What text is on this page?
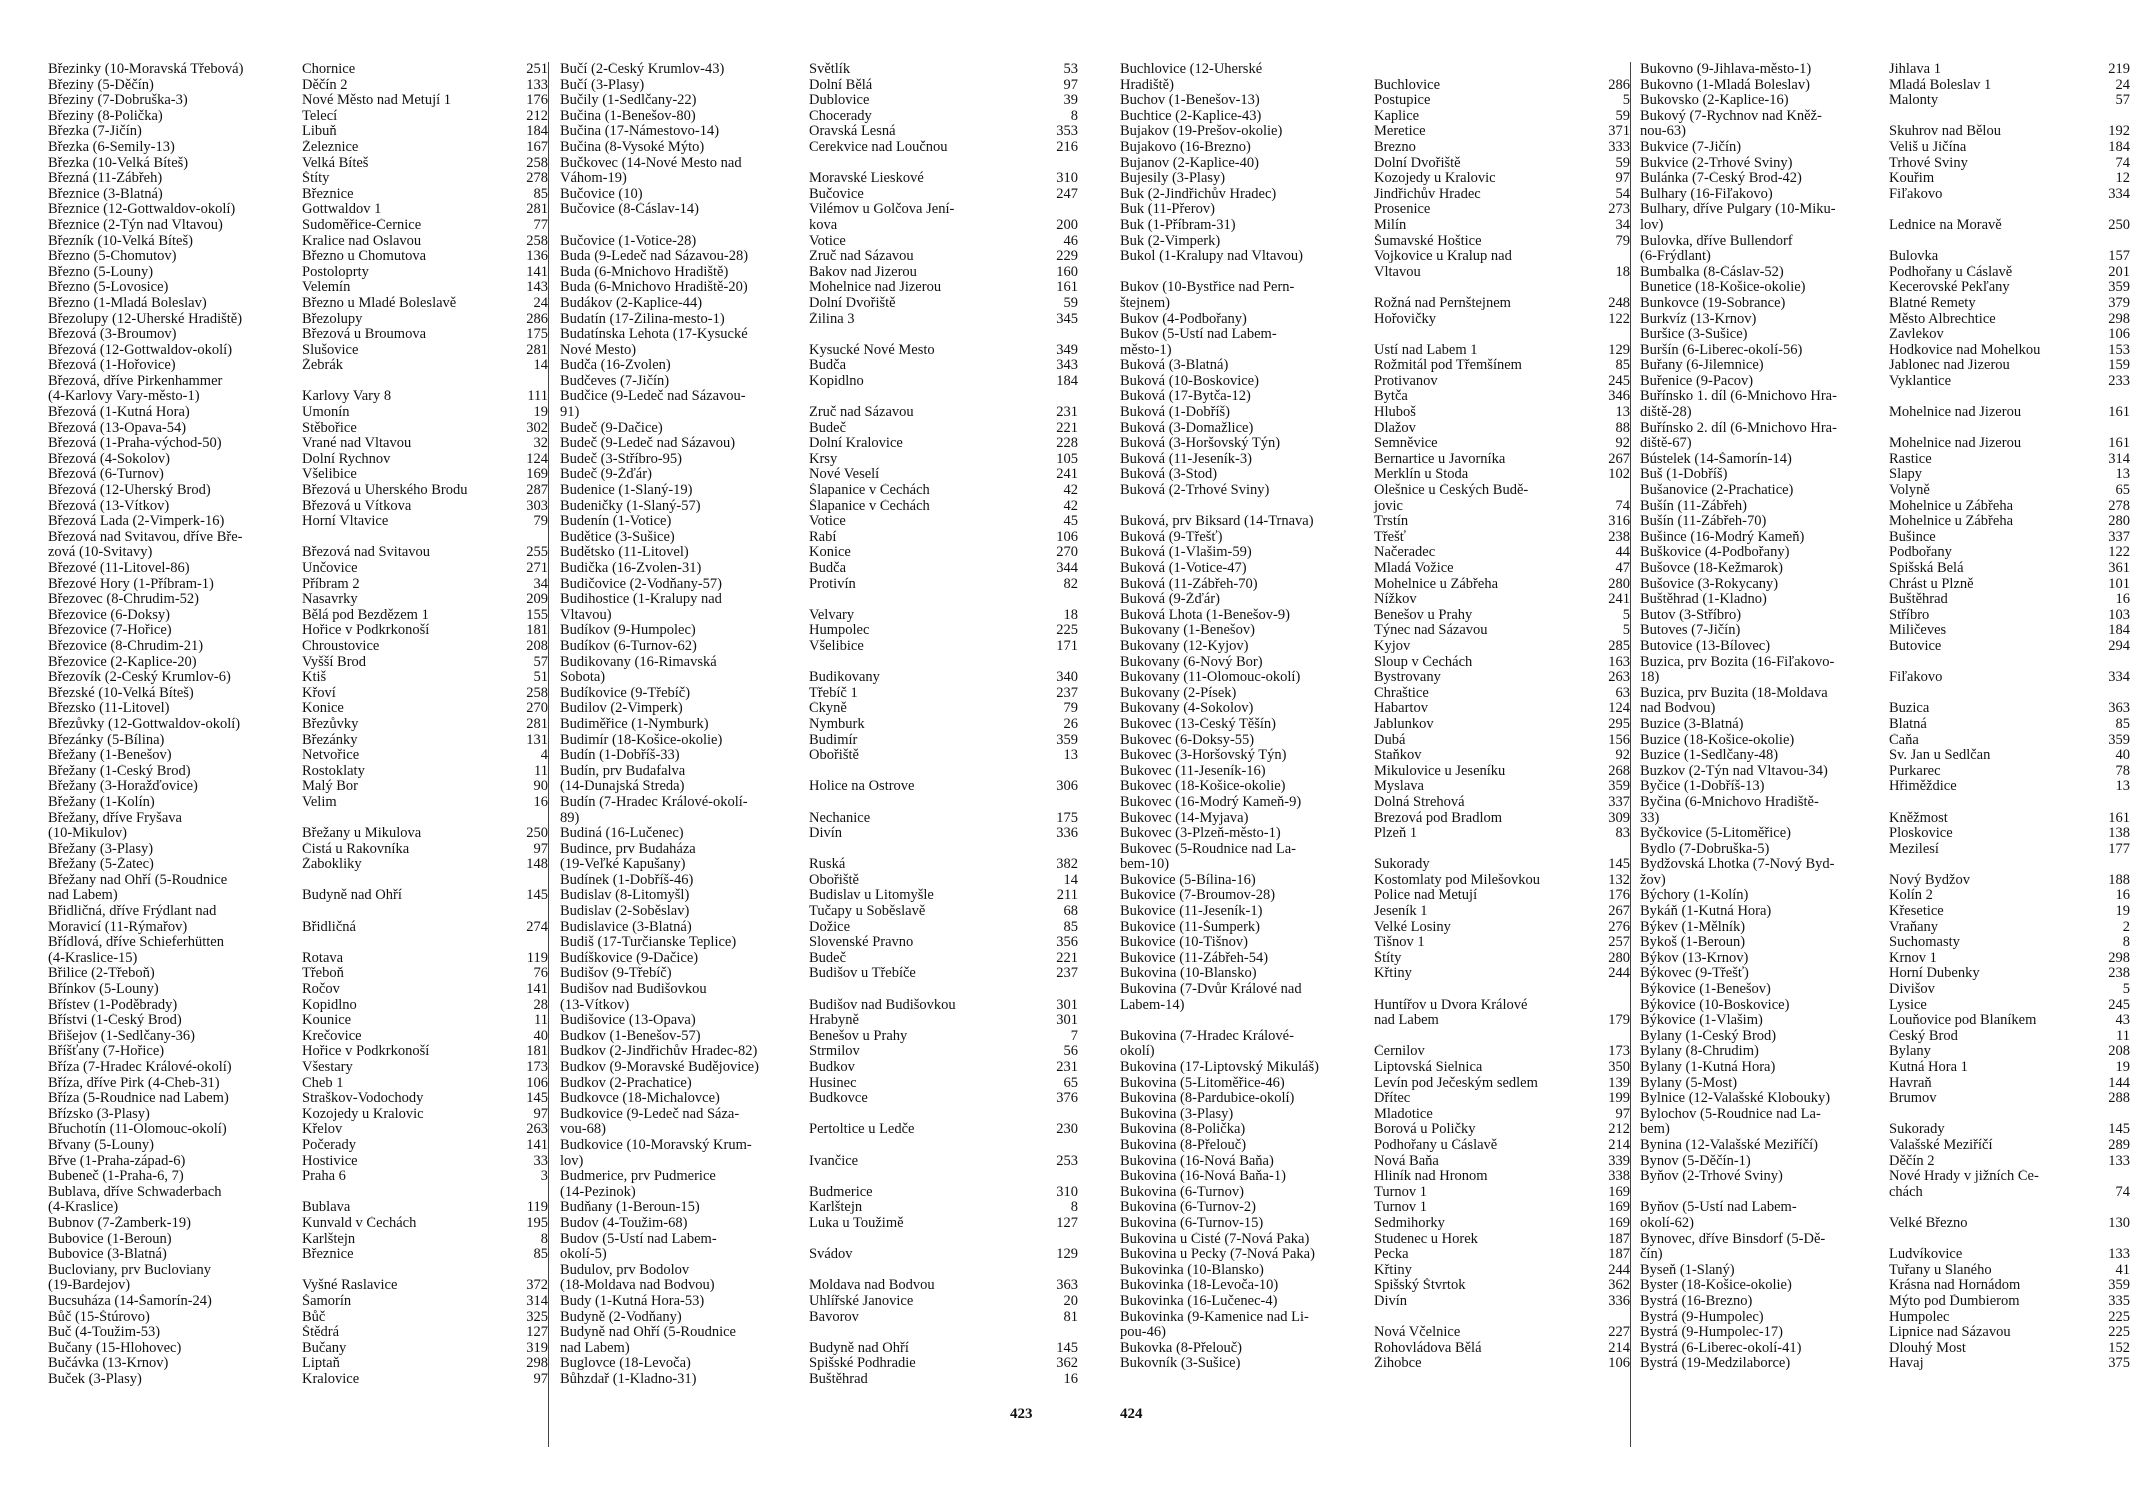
Březinky (10-Moravská Třebová)	Chornice	251
Březiny (5-Děčín)	Děčín 2	133
Březiny (7-Dobruška-3)	Nové Město nad Metují 1	176
Březiny (8-Polička)	Telecí	212
Březka (7-Jičín)	Libuň	184
Březka (6-Semily-13)	Železnice	167
Březka (10-Velká Bíteš)	Velká Bíteš	258
Březná (11-Zábřeh)	Štíty	278
Březnice (3-Blatná)	Březnice	85
Březnice (12-Gottwaldov-okolí)	Gottwaldov 1	281
Březnice (2-Týn nad Vltavou)	Sudoměřice-Černice	77
Březník (10-Velká Bíteš)	Kralice nad Oslavou	258
Březno (5-Chomutov)	Březno u Chomutova	136
Březno (5-Louny)	Postoloprty	141
Březno (5-Lovosice)	Velemín	143
Březno (1-Mladá Boleslav)	Březno u Mladé Boleslavě	24
Březolupy (12-Uherské Hradiště)	Březolupy	286
Březová (3-Broumov)	Březová u Broumova	175
Březová (12-Gottwaldov-okolí)	Slušovice	281
Březová (1-Hořovice)	Žebrák	14
Březová, dříve Pirkenhammer
(4-Karlovy Vary-město-1)	Karlovy Vary 8	111
Březová (1-Kutná Hora)	Úmonín	19
Březová (13-Opava-54)	Stěbořice	302
Březová (1-Praha-východ-50)	Vrané nad Vltavou	32
Březová (4-Sokolov)	Dolní Rychnov	124
Březová (6-Turnov)	Všelibice	169
Březová (12-Uherský Brod)	Březová u Uherského Brodu	287
Březová (13-Vítkov)	Březová u Vítkova	303
Březová Lada (2-Vimperk-16)	Horní Vltavice	79
Březová nad Svitavou, dříve Bře-
zová (10-Svitavy)	Březová nad Svitavou	255
Březové (11-Litovel-86)	Unčovice	271
Březové Hory (1-Příbram-1)	Příbram 2	34
Březovec (8-Chrudim-52)	Nasavrky	209
Březovice (6-Doksy)	Bělá pod Bezdězem 1	155
Březovice (7-Hořice)	Hořice v Podkrkonoší	181
Březovice (8-Chrudim-21)	Chroustovice	208
Březovice (2-Kaplice-20)	Vyšší Brod	57
Březovík (2-Český Krumlov-6)	Ktiš	51
Březské (10-Velká Bíteš)	Křoví	258
Březsko (11-Litovel)	Konice	270
Březůvky (12-Gottwaldov-okolí)	Březůvky	281
Březánky (5-Bílina)	Březánky	131
Břežany (1-Benešov)	Netvořice	4
Břežany (1-Český Brod)	Rostoklaty	11
Břežany (3-Horažďovice)	Malý Bor	90
Břežany (1-Kolín)	Velim	16
Břežany, dříve Fryšava
(10-Mikulov)	Břežany u Mikulova	250
Břežany (3-Plasy)	Čistá u Rakovníka	97
Břežany (5-Žatec)	Žabokliky	148
Břežany nad Ohří (5-Roudnice
nad Labem)	Budyně nad Ohří	145
Břidličná, dříve Frýdlant nad
Moravicí (11-Rýmařov)	Břidličná	274
Břídlová, dříve Schieferhütten
(4-Kraslice-15)	Rotava	119
Břilice (2-Třeboň)	Třeboň	76
Břínkov (5-Louny)	Ročov	141
Břístev (1-Poděbrady)	Kopidlno	28
Břístvi (1-Český Brod)	Kounice	11
Břišejov (1-Sedlčany-36)	Krečovice	40
Bříšťany (7-Hořice)	Hořice v Podkrkonoší	181
Bříza (7-Hradec Králové-okolí)	Všestary	173
Bříza, dříve Pirk (4-Cheb-31)	Cheb 1	106
Bříza (5-Roudnice nad Labem)	Straškov-Vodochody	145
Břízsko (3-Plasy)	Kozojedy u Kralovic	97
Břuchotín (11-Olomouc-okolí)	Křelov	263
Břvany (5-Louny)	Počerady	141
Břve (1-Praha-západ-6)	Hostivice	33
Bubeneč (1-Praha-6, 7)	Praha 6	3
Bublava, dříve Schwaderbach
(4-Kraslice)	Bublava	119
Bubnov (7-Žamberk-19)	Kunvald v Čechách	195
Bubovice (1-Beroun)	Karlštejn	8
Bubovice (3-Blatná)	Březnice	85
Bucloviany, prv Bucloviany
(19-Bardejov)	Vyšné Raslavice	372
Bucsuháza (14-Šamorín-24)	Šamorín	314
Bůč (15-Štúrovo)	Bůč	325
Buč (4-Toužim-53)	Štědrá	127
Bučany (15-Hlohovec)	Bučany	319
Bučávka (13-Krnov)	Liptaň	298
Buček (3-Plasy)	Kralovice	97
Bučí (2-Český Krumlov-43)	Světlík	53
Bučí (3-Plasy)	Dolní Bělá	97
Bučily (1-Sedlčany-22)	Dublovice	39
Bučina (1-Benešov-80)	Chocerady	8
Bučina (17-Námestovo-14)	Oravská Lesná	353
Bučina (8-Vysoké Mýto)	Cerekvice nad Loučnou	216
Bučkovec (14-Nové Mesto nad
Váhom-19)	Moravské Lieskové	310
Bučovice (10)	Bučovice	247
Bučovice (8-Čáslav-14)	Vilémov u Golčova Jení-
kova	200
Bučovice (1-Votice-28)	Votice	46
Buda (9-Ledeč nad Sázavou-28)	Zruč nad Sázavou	229
Buda (6-Mnichovo Hradiště)	Bakov nad Jizerou	160
Buda (6-Mnichovo Hradiště-20)	Mohelnice nad Jizerou	161
Budákov (2-Kaplice-44)	Dolní Dvořiště	59
Budatín (17-Žilina-mesto-1)	Žilina 3	345
Budatínska Lehota (17-Kysucké
Nové Mesto)	Kysucké Nové Mesto	349
Budča (16-Zvolen)	Budča	343
Budčeves (7-Jičín)	Kopidlno	184
Budčice (9-Ledeč nad Sázavou-
91)	Zruč nad Sázavou	231
Budeč (9-Dačice)	Budeč	221
Budeč (9-Ledeč nad Sázavou)	Dolní Kralovice	228
Budeč (3-Stříbro-95)	Krsy	105
Budeč (9-Žďár)	Nové Veselí	241
Budenice (1-Slaný-19)	Šlapanice v Čechách	42
Budeničky (1-Slaný-57)	Šlapanice v Čechách	42
Budenín (1-Votice)	Votice	45
Budětice (3-Sušice)	Rabí	106
Budětsko (11-Litovel)	Konice	270
Budička (16-Zvolen-31)	Budča	344
Budičovice (2-Vodňany-57)	Protivín	82
Budihostice (1-Kralupy nad
Vltavou)	Velvary	18
Budíkov (9-Humpolec)	Humpolec	225
Budíkov (6-Turnov-62)	Všelibice	171
Budikovany (16-Rimavská
Sobota)	Budikovany	340
Budíkovice (9-Třebíč)	Třebíč 1	237
Budilov (2-Vimperk)	Čkyně	79
Budiměřice (1-Nymburk)	Nymburk	26
Budimír (18-Košice-okolie)	Budimír	359
Budín (1-Dobříš-33)	Obořiště	13
Budín, prv Budafalva
(14-Dunajská Streda)	Holice na Ostrove	306
Budín (7-Hradec Králové-okolí-
89)	Nechanice	175
Budiná (16-Lučenec)	Divín	336
Budince, prv Budaháza
(19-Veľké Kapušany)	Ruská	382
Budínek (1-Dobříš-46)	Obořiště	14
Budislav (8-Litomyšl)	Budislav u Litomyšle	211
Budislav (2-Soběslav)	Tučapy u Soběslavě	68
Budislavice (3-Blatná)	Dožice	85
Budiš (17-Turčianske Teplice)	Slovenské Pravno	356
Budíškovice (9-Dačice)	Budeč	221
Budišov (9-Třebíč)	Budišov u Třebíče	237
Budišov nad Budišovkou
(13-Vítkov)	Budišov nad Budišovkou	301
Budišovice (13-Opava)	Hrabyně	301
Budkov (1-Benešov-57)	Benešov u Prahy	7
Budkov (2-Jindřichův Hradec-82)	Strmilov	56
Budkov (9-Moravské Budějovice)	Budkov	231
Budkov (2-Prachatice)	Husinec	65
Budkovce (18-Michalovce)	Budkovce	376
Budkovice (9-Ledeč nad Sáza-
vou-68)	Pertoltice u Ledče	230
Budkovice (10-Moravský Krum-
lov)	Ivančice	253
Budmerice, prv Pudmerice
(14-Pezinok)	Budmerice	310
Budňany (1-Beroun-15)	Karlštejn	8
Budov (4-Toužim-68)	Luka u Toužimě	127
Budov (5-Ústí nad Labem-
okolí-5)	Svádov	129
Budulov, prv Bodolov
(18-Moldava nad Bodvou)	Moldava nad Bodvou	363
Budy (1-Kutná Hora-53)	Uhlířské Janovice	20
Budyně (2-Vodňany)	Bavorov	81
Budyně nad Ohří (5-Roudnice
nad Labem)	Budyně nad Ohří	145
Buglovce (18-Levoča)	Spišské Podhradie	362
Bůhzdař (1-Kladno-31)	Buštěhrad	16
Buchlovice (12-Uherské
Hradiště)	Buchlovice	286
Buchov (1-Benešov-13)	Postupice	5
Buchtice (2-Kaplice-43)	Kaplice	59
Bujakov (19-Prešov-okolie)	Meretice	371
Bujakovo (16-Brezno)	Brezno	333
Bujanov (2-Kaplice-40)	Dolní Dvořiště	59
Bujesily (3-Plasy)	Kozojedy u Kralovic	97
Buk (2-Jindřichův Hradec)	Jindřichův Hradec	54
Buk (11-Přerov)	Prosenice	273
Buk (1-Příbram-31)	Milín	34
Buk (2-Vimperk)	Šumavské Hoštice	79
Bukol (1-Kralupy nad Vltavou)	Vojkovice u Kralup nad
Vltavou	18
Bukov (10-Bystřice nad Pern-
štejnem)	Rožná nad Pernštejnem	248
Bukov (4-Podbořany)	Hořovičky	122
Bukov (5-Ústí nad Labem-
město-1)	Ústí nad Labem 1	129
Buková (3-Blatná)	Rožmitál pod Třemšínem	85
Buková (10-Boskovice)	Protivanov	245
Buková (17-Bytča-12)	Bytča	346
Buková (1-Dobříš)	Hluboš	13
Buková (3-Domažlice)	Dlažov	88
Buková (3-Horšovský Týn)	Semněvice	92
Buková (11-Jeseník-3)	Bernartice u Javorníka	267
Buková (3-Stod)	Merklín u Stoda	102
Buková (2-Trhové Sviny)	Olešnice u Českých Budě-
jovic	74
Buková, prv Biksard (14-Trnava)	Trstín	316
Buková (9-Třešť)	Třešť	238
Buková (1-Vlašim-59)	Načeradec	44
Buková (1-Votice-47)	Mladá Vožice	47
Buková (11-Zábřeh-70)	Mohelnice u Zábřeha	280
Buková (9-Žďár)	Nížkov	241
Buková Lhota (1-Benešov-9)	Benešov u Prahy	5
Bukovany (1-Benešov)	Týnec nad Sázavou	5
Bukovany (12-Kyjov)	Kyjov	285
Bukovany (6-Nový Bor)	Sloup v Čechách	163
Bukovany (11-Olomouc-okolí)	Bystrovany	263
Bukovany (2-Písek)	Chraštice	63
Bukovany (4-Sokolov)	Habartov	124
Bukovec (13-Český Těšín)	Jablunkov	295
Bukovec (6-Doksy-55)	Dubá	156
Bukovec (3-Horšovský Týn)	Staňkov	92
Bukovec (11-Jeseník-16)	Mikulovice u Jeseníku	268
Bukovec (18-Košice-okolie)	Myslava	359
Bukovec (16-Modrý Kameň-9)	Dolná Strehová	337
Bukovec (14-Myjava)	Brezová pod Bradlom	309
Bukovec (3-Plzeň-město-1)	Plzeň 1	83
Bukovec (5-Roudnice nad La-
bem-10)	Sukorady	145
Bukovice (5-Bílina-16)	Kostomlaty pod Milešovkou	132
Bukovice (7-Broumov-28)	Police nad Metují	176
Bukovice (11-Jeseník-1)	Jeseník 1	267
Bukovice (11-Šumperk)	Velké Losiny	276
Bukovice (10-Tišnov)	Tišnov 1	257
Bukovice (11-Zábřeh-54)	Štíty	280
Bukovina (10-Blansko)	Křtiny	244
Bukovina (7-Dvůr Králové nad
Labem-14)	Huntířov u Dvora Králové
nad Labem	179
Bukovina (7-Hradec Králové-
okolí)	Černilov	173
Bukovina (17-Liptovský Mikuláš)	Liptovská Sielnica	350
Bukovina (5-Litoměřice-46)	Levín pod Ječeským sedlem	139
Bukovina (8-Pardubice-okolí)	Dřítec	199
Bukovina (3-Plasy)	Mladotice	97
Bukovina (8-Polička)	Borová u Poličky	212
Bukovina (8-Přelouč)	Podhořany u Čáslavě	214
Bukovina (16-Nová Baňa)	Nová Baňa	339
Bukovina (16-Nová Baňa-1)	Hliník nad Hronom	338
Bukovina (6-Turnov)	Turnov 1	169
Bukovina (6-Turnov-2)	Turnov 1	169
Bukovina (6-Turnov-15)	Sedmihorky	169
Bukovina u Čisté (7-Nová Paka)	Studenec u Horek	187
Bukovina u Pecky (7-Nová Paka)	Pecka	187
Bukovinka (10-Blansko)	Křtiny	244
Bukovinka (18-Levoča-10)	Spišský Štvrtok	362
Bukovinka (16-Lučenec-4)	Divín	336
Bukovinka (9-Kamenice nad Li-
pou-46)	Nová Včelnice	227
Bukovka (8-Přelouč)	Rohovládova Bělá	214
Bukovník (3-Sušice)	Žihobce	106
Bukovno (9-Jihlava-město-1)	Jihlava 1	219
Bukovno (1-Mladá Boleslav)	Mladá Boleslav 1	24
Bukovsko (2-Kaplice-16)	Malonty	57
Bukový (7-Rychnov nad Kněž-
nou-63)	Skuhrov nad Bělou	192
Bukvice (7-Jičín)	Veliš u Jičína	184
Bukvice (2-Trhové Sviny)	Trhové Sviny	74
Bulánka (7-Český Brod-42)	Kouřim	12
Bulhary (16-Fiľakovo)	Fiľakovo	334
Bulhary, dříve Pulgary (10-Miku-
lov)	Lednice na Moravě	250
Bulovka, dříve Bullendorf
(6-Frýdlant)	Bulovka	157
Bumbalka (8-Čáslav-52)	Podhořany u Čáslavě	201
Bunetice (18-Košice-okolie)	Kecerovské Pekľany	359
Bunkovce (19-Sobrance)	Blatné Remety	379
Burkvíz (13-Krnov)	Město Albrechtice	298
Buršice (3-Sušice)	Zavlekov	106
Buršín (6-Liberec-okolí-56)	Hodkovice nad Mohelkou	153
Buřany (6-Jilemnice)	Jablonec nad Jizerou	159
Buřenice (9-Pacov)	Vyklantice	233
Buřínsko 1. díl (6-Mnichovo Hra-
diště-28)	Mohelnice nad Jizerou	161
Buřínsko 2. díl (6-Mnichovo Hra-
diště-67)	Mohelnice nad Jizerou	161
Bústelek (14-Šamorín-14)	Rastice	314
Buš (1-Dobříš)	Slapy	13
Bušanovice (2-Prachatice)	Volyně	65
Bušín (11-Zábřeh)	Mohelnice u Zábřeha	278
Bušín (11-Zábřeh-70)	Mohelnice u Zábřeha	280
Bušince (16-Modrý Kameň)	Bušince	337
Buškovice (4-Podbořany)	Podbořany	122
Bušovce (18-Kežmarok)	Spišská Belá	361
Bušovice (3-Rokycany)	Chrást u Plzně	101
Buštěhrad (1-Kladno)	Buštěhrad	16
Butov (3-Stříbro)	Stříbro	103
Butoves (7-Jičín)	Miličeves	184
Butovice (13-Bílovec)	Butovice	294
Buzica, prv Bozita (16-Fiľakovo-
18)	Fiľakovo	334
Buzica, prv Buzita (18-Moldava
nad Bodvou)	Buzica	363
Buzice (3-Blatná)	Blatná	85
Buzice (18-Košice-okolie)	Čaňa	359
Buzice (1-Sedlčany-48)	Sv. Jan u Sedlčan	40
Buzkov (2-Týn nad Vltavou-34)	Purkarec	78
Byčice (1-Dobříš-13)	Hřiměždice	13
Byčina (6-Mnichovo Hradiště-
33)	Kněžmost	161
Byčkovice (5-Litoměřice)	Ploskovice	138
Bydlo (7-Dobruška-5)	Mezilesí	177
Bydžovská Lhotka (7-Nový Byd-
žov)	Nový Bydžov	188
Býchory (1-Kolín)	Kolín 2	16
Bykáň (1-Kutná Hora)	Křesetice	19
Býkev (1-Mělník)	Vraňany	2
Bykoš (1-Beroun)	Suchomasty	8
Býkov (13-Krnov)	Krnov 1	298
Býkovec (9-Třešť)	Horní Dubenky	238
Býkovice (1-Benešov)	Divišov	5
Býkovice (10-Boskovice)	Lysice	245
Býkovice (1-Vlašim)	Louňovice pod Blaníkem	43
Bylany (1-Český Brod)	Český Brod	11
Bylany (8-Chrudim)	Bylany	208
Bylany (1-Kutná Hora)	Kutná Hora 1	19
Bylany (5-Most)	Havraň	144
Bylnice (12-Valašské Klobouky)	Brumov	288
Bylochov (5-Roudnice nad La-
bem)	Sukorady	145
Bynina (12-Valašské Meziříčí)	Valašské Meziříčí	289
Bynov (5-Děčín-1)	Děčín 2	133
Byňov (2-Trhové Sviny)	Nové Hrady v jižních Če-
chách	74
Byňov (5-Ústí nad Labem-
okolí-62)	Velké Březno	130
Bynovec, dříve Binsdorf (5-Dě-
čín)	Ludvíkovice	133
Byseň (1-Slaný)	Tuřany u Slaného	41
Byster (18-Košice-okolie)	Krásna nad Hornádom	359
Bystrá (16-Brezno)	Mýto pod Ďumbierom	335
Bystrá (9-Humpolec)	Humpolec	225
Bystrá (9-Humpolec-17)	Lipnice nad Sázavou	225
Bystrá (6-Liberec-okolí-41)	Dlouhý Most	152
Bystrá (19-Medzilaborce)	Havaj	375
423	424
